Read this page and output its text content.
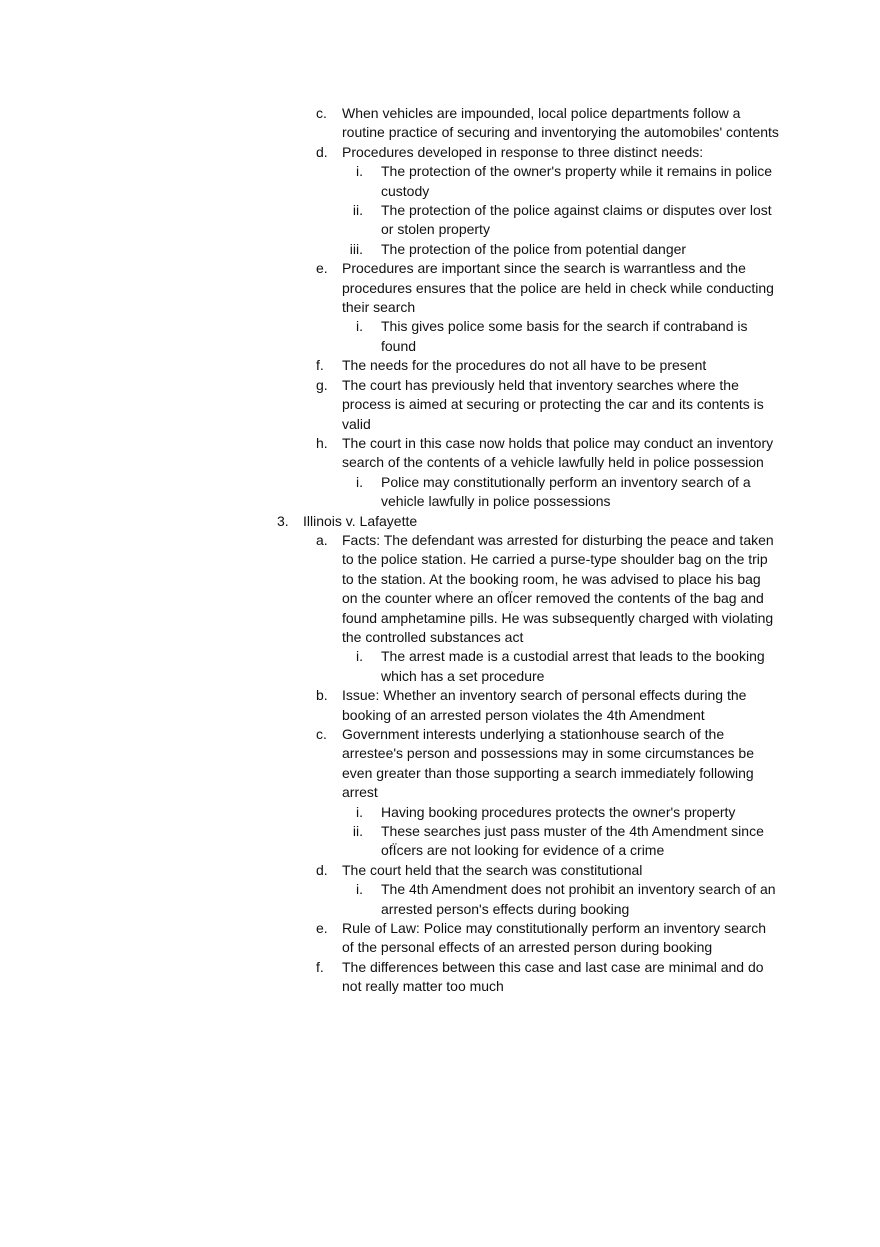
c. When vehicles are impounded, local police departments follow a routine practice of securing and inventorying the automobiles' contents
d. Procedures developed in response to three distinct needs:
i. The protection of the owner's property while it remains in police custody
ii. The protection of the police against claims or disputes over lost or stolen property
iii. The protection of the police from potential danger
e. Procedures are important since the search is warrantless and the procedures ensures that the police are held in check while conducting their search
i. This gives police some basis for the search if contraband is found
f. The needs for the procedures do not all have to be present
g. The court has previously held that inventory searches where the process is aimed at securing or protecting the car and its contents is valid
h. The court in this case now holds that police may conduct an inventory search of the contents of a vehicle lawfully held in police possession
i. Police may constitutionally perform an inventory search of a vehicle lawfully in police possessions
3. Illinois v. Lafayette
a. Facts: The defendant was arrested for disturbing the peace and taken to the police station. He carried a purse-type shoulder bag on the trip to the station. At the booking room, he was advised to place his bag on the counter where an ofÏcer removed the contents of the bag and found amphetamine pills. He was subsequently charged with violating the controlled substances act
i. The arrest made is a custodial arrest that leads to the booking which has a set procedure
b. Issue: Whether an inventory search of personal effects during the booking of an arrested person violates the 4th Amendment
c. Government interests underlying a stationhouse search of the arrestee's person and possessions may in some circumstances be even greater than those supporting a search immediately following arrest
i. Having booking procedures protects the owner's property
ii. These searches just pass muster of the 4th Amendment since ofÏcers are not looking for evidence of a crime
d. The court held that the search was constitutional
i. The 4th Amendment does not prohibit an inventory search of an arrested person's effects during booking
e. Rule of Law: Police may constitutionally perform an inventory search of the personal effects of an arrested person during booking
f. The differences between this case and last case are minimal and do not really matter too much
